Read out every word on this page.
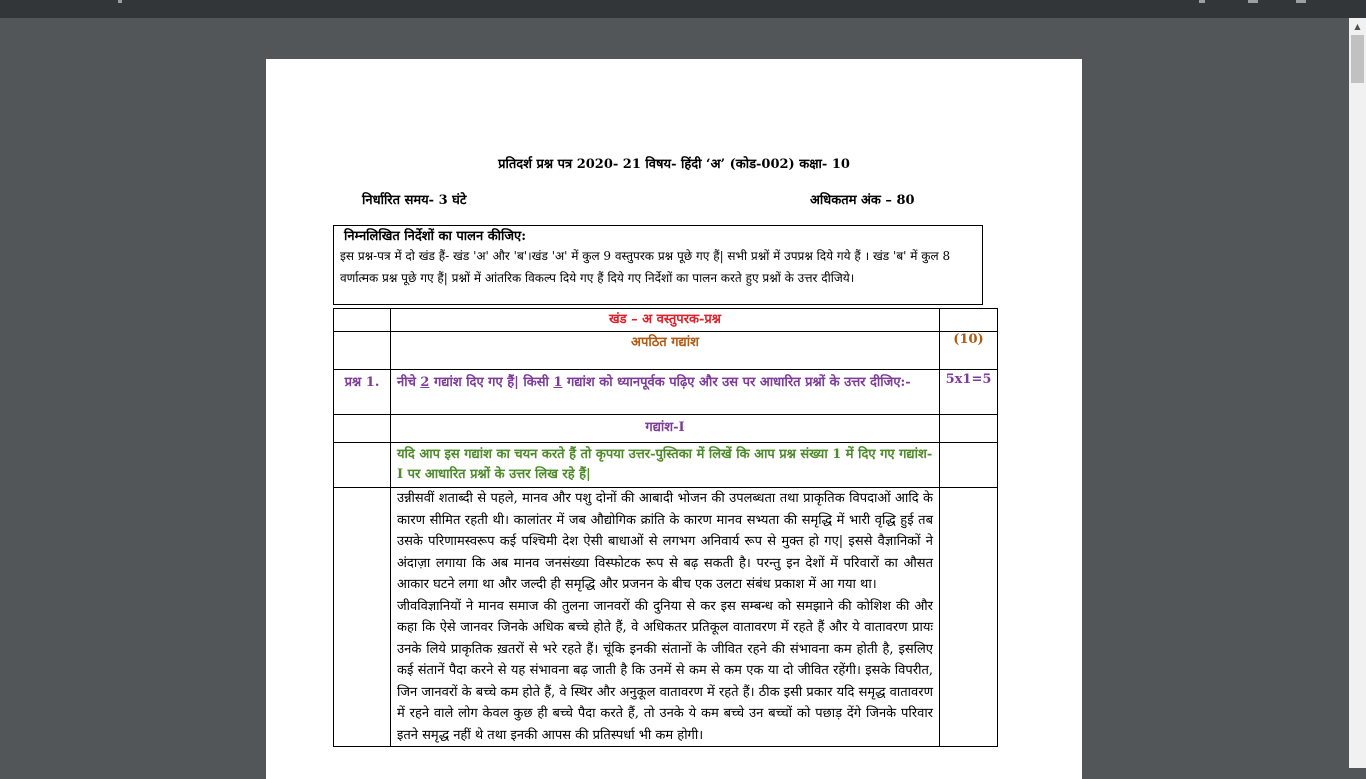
▲
प्रतिदर्श प्रश्न पत्र 2020- 21 विषय- हिंदी ‘अ’ (कोड-002) कक्षा- 10
निर्धारित समय- 3 घंटे	अधिकतम अंक – 80
निम्नलिखित निर्देशों का पालन कीजिए:
इस प्रश्न-पत्र में दो खंड हैं- खंड 'अ' और 'ब'।खंड 'अ' में कुल 9 वस्तुपरक प्रश्न पूछे गए हैं| सभी प्रश्नों में उपप्रश्न दिये गये हैं । खंड 'ब' में कुल 8 वर्णात्मक प्रश्न पूछे गए हैं| प्रश्नों में आंतरिक विकल्प दिये गए हैं दिये गए निर्देशों का पालन करते हुए प्रश्नों के उत्तर दीजिये।
	खंड – अ वस्तुपरक-प्रश्न	
	अपठित गद्यांश	(10)
प्रश्न 1.	नीचे 2 गद्यांश दिए गए हैं| किसी 1 गद्यांश को ध्यानपूर्वक पढ़िए और उस पर आधारित प्रश्नों के उत्तर दीजिए:-	5x1=5
	गद्यांश-I	
	यदि आप इस गद्यांश का चयन करते हैं तो कृपया उत्तर-पुस्तिका में लिखें कि आप प्रश्न संख्या 1 में दिए गए गद्यांश-I पर आधारित प्रश्नों के उत्तर लिख रहे हैं|	

	उन्नीसवीं शताब्दी से पहले, मानव और पशु दोनों की आबादी भोजन की उपलब्धता तथा प्राकृतिक विपदाओं आदि के कारण सीमित रहती थी। कालांतर में जब औद्योगिक क्रांति के कारण मानव सभ्यता की समृद्धि में भारी वृद्धि हुई तब उसके परिणामस्वरूप कई पश्चिमी देश ऐसी बाधाओं से लगभग अनिवार्य रूप से मुक्त हो गए| इससे वैज्ञानिकों ने अंदाज़ा लगाया कि अब मानव जनसंख्या विस्फोटक रूप से बढ़ सकती है। परन्तु इन देशों में परिवारों का औसत आकार घटने लगा था और जल्दी ही समृद्धि और प्रजनन के बीच एक उलटा संबंध प्रकाश में आ गया था।

जीवविज्ञानियों ने मानव समाज की तुलना जानवरों की दुनिया से कर इस सम्बन्ध को समझाने की कोशिश की और कहा कि ऐसे जानवर जिनके अधिक बच्चे होते हैं, वे अधिकतर प्रतिकूल वातावरण में रहते हैं और ये वातावरण प्रायः उनके लिये प्राकृतिक ख़तरों से भरे रहते हैं। चूंकि इनकी संतानों के जीवित रहने की संभावना कम होती है, इसलिए कई संतानें पैदा करने से यह संभावना बढ़ जाती है कि उनमें से कम से कम एक या दो जीवित रहेंगी। इसके विपरीत, जिन जानवरों के बच्चे कम होते हैं, वे स्थिर और अनुकूल वातावरण में रहते हैं। ठीक इसी प्रकार यदि समृद्ध वातावरण में रहने वाले लोग केवल कुछ ही बच्चे पैदा करते हैं, तो उनके ये कम बच्चे उन बच्चों को पछाड़ देंगे जिनके परिवार इतने समृद्ध नहीं थे तथा इनकी आपस की प्रतिस्पर्धा भी कम होगी।	
